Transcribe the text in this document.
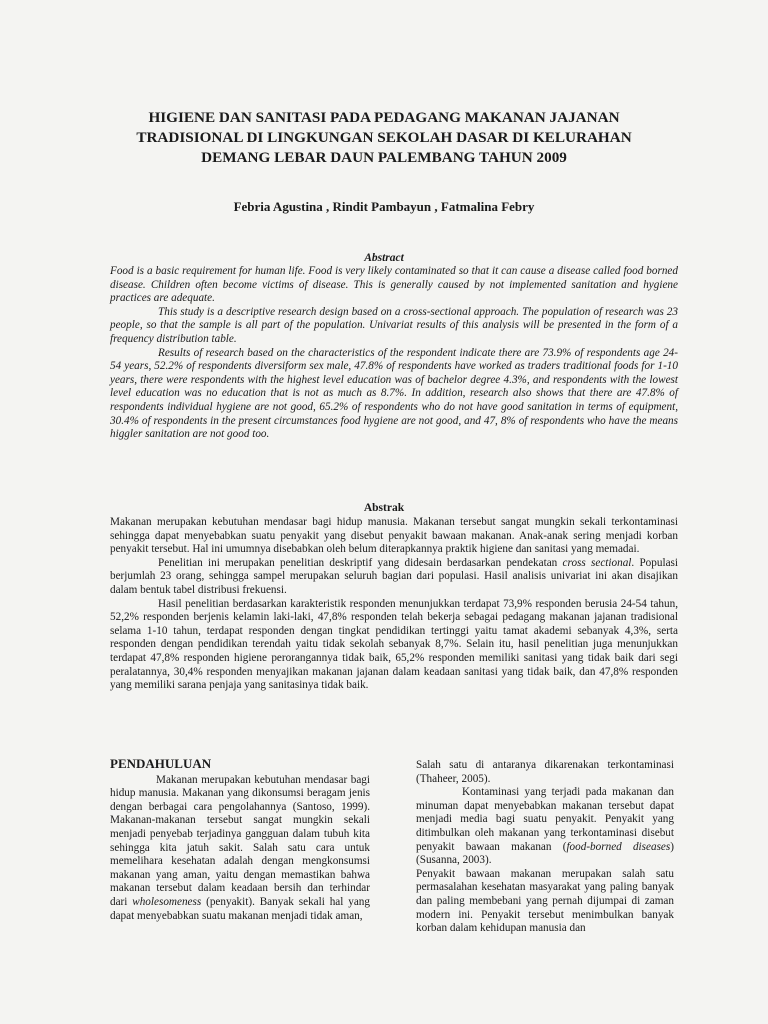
HIGIENE DAN SANITASI PADA PEDAGANG MAKANAN JAJANAN
TRADISIONAL DI LINGKUNGAN SEKOLAH DASAR DI KELURAHAN
DEMANG LEBAR DAUN PALEMBANG TAHUN 2009
Febria Agustina , Rindit Pambayun , Fatmalina Febry
Abstract

Food is a basic requirement for human life. Food is very likely contaminated so that it can cause a disease called food borned disease. Children often become victims of disease. This is generally caused by not implemented sanitation and hygiene practices are adequate.

This study is a descriptive research design based on a cross-sectional approach. The population of research was 23 people, so that the sample is all part of the population. Univariat results of this analysis will be presented in the form of a frequency distribution table.

Results of research based on the characteristics of the respondent indicate there are 73.9% of respondents age 24-54 years, 52.2% of respondents diversiform sex male, 47.8% of respondents have worked as traders traditional foods for 1-10 years, there were respondents with the highest level education was of bachelor degree 4.3%, and respondents with the lowest level education was no education that is not as much as 8.7%. In addition, research also shows that there are 47.8% of respondents individual hygiene are not good, 65.2% of respondents who do not have good sanitation in terms of equipment, 30.4% of respondents in the present circumstances food hygiene are not good, and 47, 8% of respondents who have the means higgler sanitation are not good too.

Abstrak

Makanan merupakan kebutuhan mendasar bagi hidup manusia. Makanan tersebut sangat mungkin sekali terkontaminasi sehingga dapat menyebabkan suatu penyakit yang disebut penyakit bawaan makanan. Anak-anak sering menjadi korban penyakit tersebut. Hal ini umumnya disebabkan oleh belum diterapkannya praktik higiene dan sanitasi yang memadai.

Penelitian ini merupakan penelitian deskriptif yang didesain berdasarkan pendekatan cross sectional. Populasi berjumlah 23 orang, sehingga sampel merupakan seluruh bagian dari populasi. Hasil analisis univariat ini akan disajikan dalam bentuk tabel distribusi frekuensi.

Hasil penelitian berdasarkan karakteristik responden menunjukkan terdapat 73,9% responden berusia 24-54 tahun, 52,2% responden berjenis kelamin laki-laki, 47,8% responden telah bekerja sebagai pedagang makanan jajanan tradisional selama 1-10 tahun, terdapat responden dengan tingkat pendidikan tertinggi yaitu tamat akademi sebanyak 4,3%, serta responden dengan pendidikan terendah yaitu tidak sekolah sebanyak 8,7%. Selain itu, hasil penelitian juga menunjukkan terdapat 47,8% responden higiene perorangannya tidak baik, 65,2% responden memiliki sanitasi yang tidak baik dari segi peralatannya, 30,4% responden menyajikan makanan jajanan dalam keadaan sanitasi yang tidak baik, dan 47,8% responden yang memiliki sarana penjaja yang sanitasinya tidak baik.

PENDAHULUAN

Makanan merupakan kebutuhan mendasar bagi hidup manusia. Makanan yang dikonsumsi beragam jenis dengan berbagai cara pengolahannya (Santoso, 1999). Makanan-makanan tersebut sangat mungkin sekali menjadi penyebab terjadinya gangguan dalam tubuh kita sehingga kita jatuh sakit. Salah satu cara untuk memelihara kesehatan adalah dengan mengkonsumsi makanan yang aman, yaitu dengan memastikan bahwa makanan tersebut dalam keadaan bersih dan terhindar dari wholesomeness (penyakit). Banyak sekali hal yang dapat menyebabkan suatu makanan menjadi tidak aman,

Salah satu di antaranya dikarenakan terkontaminasi (Thaheer, 2005).

Kontaminasi yang terjadi pada makanan dan minuman dapat menyebabkan makanan tersebut dapat menjadi media bagi suatu penyakit. Penyakit yang ditimbulkan oleh makanan yang terkontaminasi disebut penyakit bawaan makanan (food-borned diseases) (Susanna, 2003).

Penyakit bawaan makanan merupakan salah satu permasalahan kesehatan masyarakat yang paling banyak dan paling membebani yang pernah dijumpai di zaman modern ini. Penyakit tersebut menimbulkan banyak korban dalam kehidupan manusia dan
